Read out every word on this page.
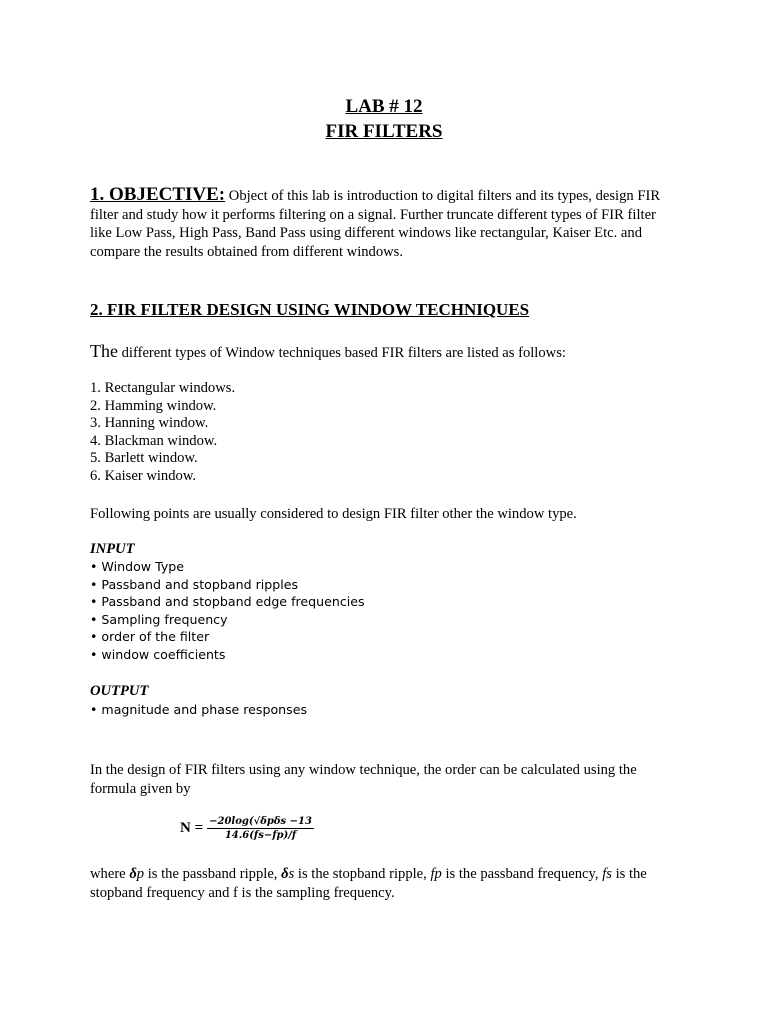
LAB # 12
FIR FILTERS
1. OBJECTIVE: Object of this lab is introduction to digital filters and its types, design FIR filter and study how it performs filtering on a signal. Further truncate different types of FIR filter like Low Pass, High Pass, Band Pass using different windows like rectangular, Kaiser Etc. and compare the results obtained from different windows.
2. FIR FILTER DESIGN USING WINDOW TECHNIQUES
The different types of Window techniques based FIR filters are listed as follows:
1. Rectangular windows.
2. Hamming window.
3. Hanning window.
4. Blackman window.
5. Barlett window.
6. Kaiser window.
Following points are usually considered to design FIR filter other the window type.
INPUT
• Window Type
• Passband and stopband ripples
• Passband and stopband edge frequencies
• Sampling frequency
• order of the filter
• window coefficients
OUTPUT
• magnitude and phase responses
In the design of FIR filters using any window technique, the order can be calculated using the formula given by
$N = \frac{\text{−20log(√δpδs −13}}{14.6(fs-fp)/f}$
where δp is the passband ripple, δs is the stopband ripple, fp is the passband frequency, fs is the stopband frequency and f is the sampling frequency.
